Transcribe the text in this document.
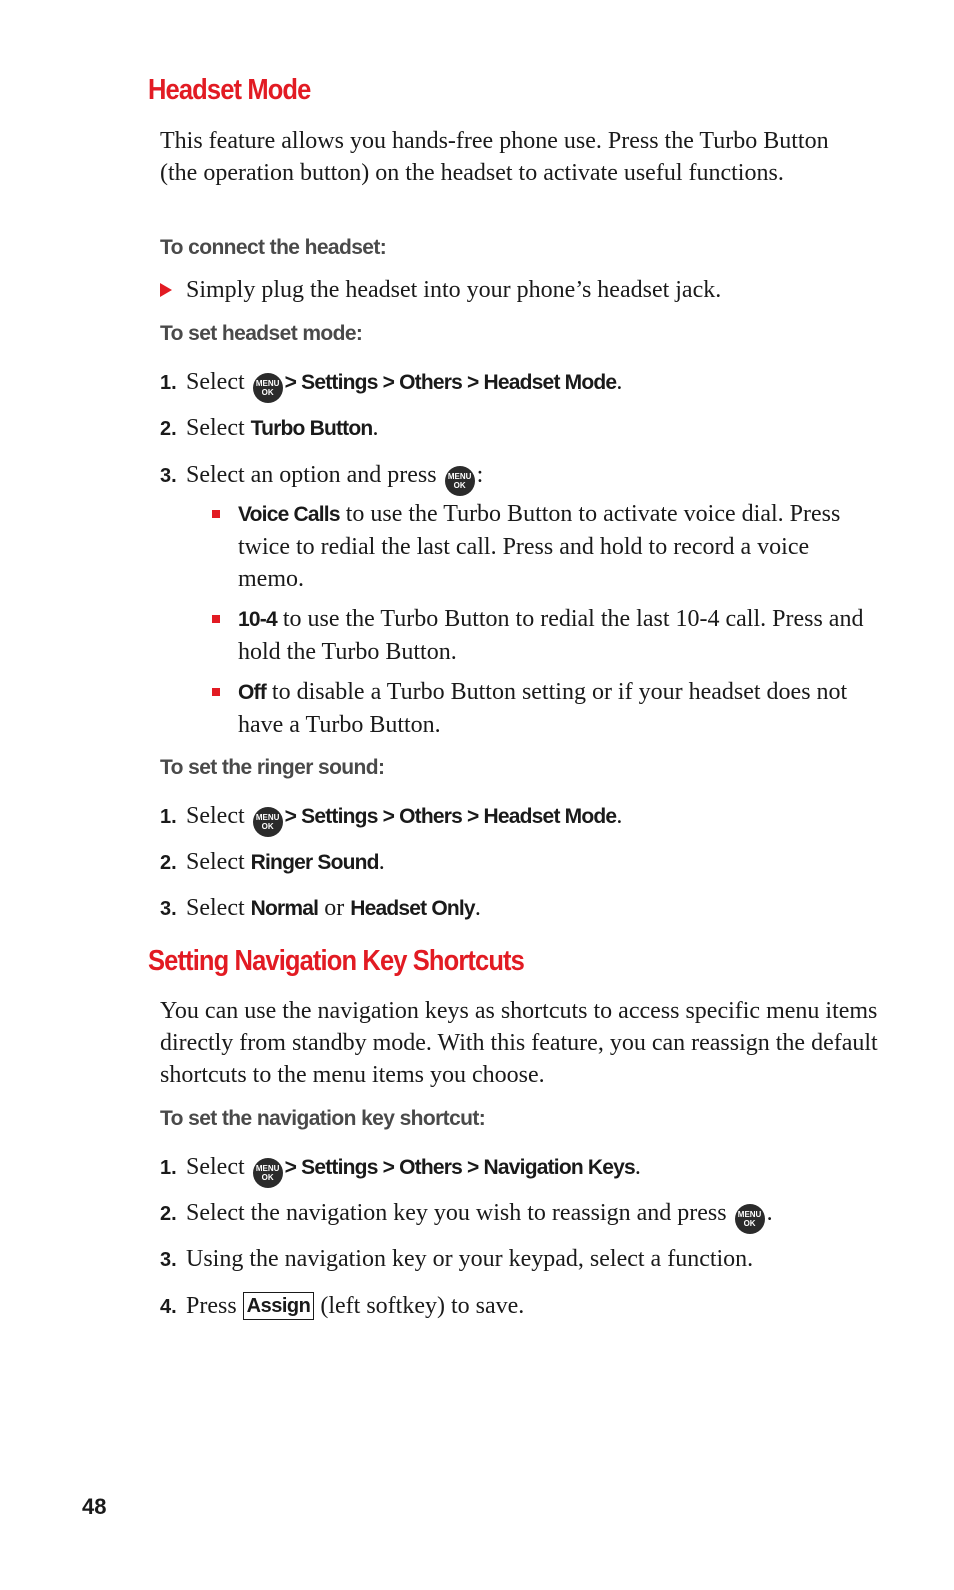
Headset Mode

This feature allows you hands-free phone use. Press the Turbo Button (the operation button) on the headset to activate useful functions.

To connect the headset:
Simply plug the headset into your phone’s headset jack.
To set headset mode:
1. Select	MENU
OK > Settings > Others > Headset Mode.
2. Select Turbo Button.
3. Select an option and press	MENU
OK :

Voice Calls to use the Turbo Button to activate voice dial. Press twice to redial the last call. Press and hold to record a voice memo.

10-4 to use the Turbo Button to redial the last 10-4 call. Press and hold the Turbo Button.

Off to disable a Turbo Button setting or if your headset does not have a Turbo Button.

To set the ringer sound:
1. Select	MENU
OK > Settings > Others > Headset Mode.
2. Select Ringer Sound.
3. Select Normal or Headset Only.
Setting Navigation Key Shortcuts

You can use the navigation keys as shortcuts to access specific menu items directly from standby mode. With this feature, you can reassign the default shortcuts to the menu items you choose.

To set the navigation key shortcut:
1. Select	MENU
OK > Settings > Others > Navigation Keys.
2. Select the navigation key you wish to reassign and press	MENU
OK .
3. Using the navigation key or your keypad, select a function.
4. Press Assign (left softkey) to save.
48
